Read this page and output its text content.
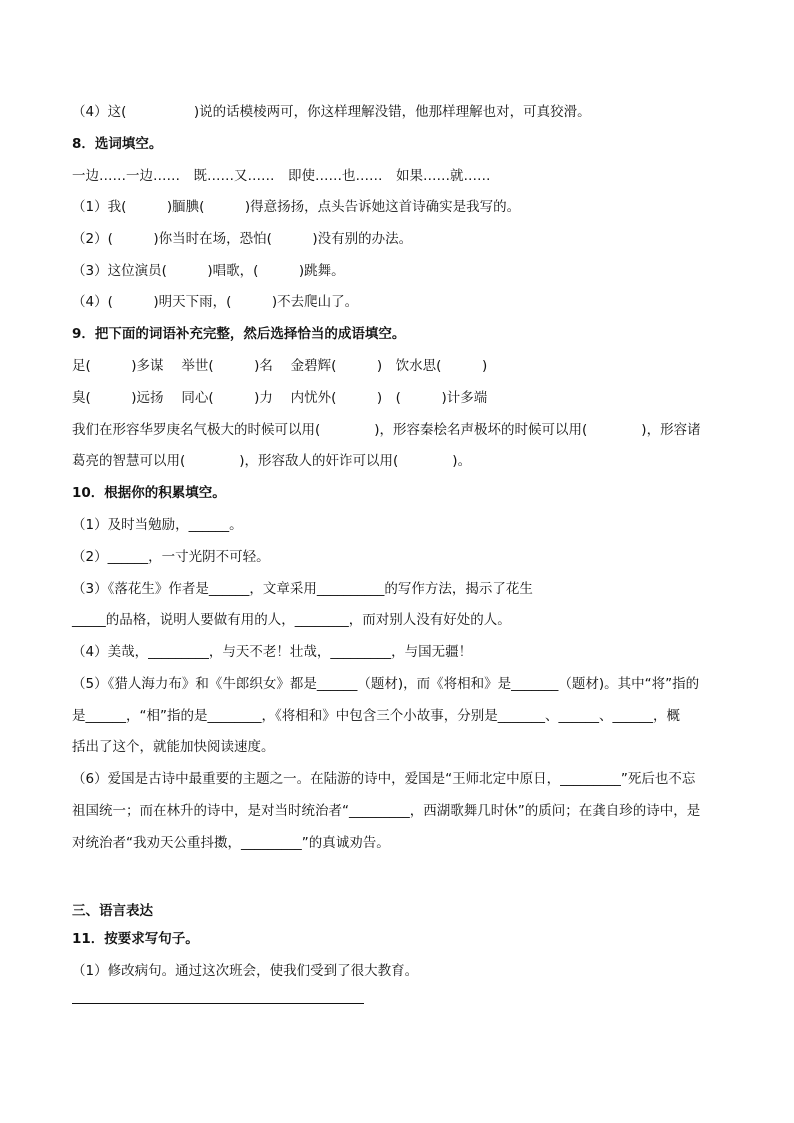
（4）这(　　　　　)说的话模棱两可，你这样理解没错，他那样理解也对，可真狡滑。
8．选词填空。
一边……一边……　既……又……　即使……也……　如果……就……
（1）我(　　　)腼腆(　　　)得意扬扬，点头告诉她这首诗确实是我写的。
（2）(　　　)你当时在场，恐怕(　　　)没有别的办法。
（3）这位演员(　　　)唱歌，(　　　)跳舞。
（4）(　　　)明天下雨，(　　　)不去爬山了。
9．把下面的词语补充完整，然后选择恰当的成语填空。
足(　　　)多谋　 举世(　　　)名　 金碧辉(　　　)　饮水思(　　　)
臭(　　　)远扬　 同心(　　　)力　 内忧外(　　　)　(　　　)计多端
我们在形容华罗庚名气极大的时候可以用(　　　　)，形容秦桧名声极坏的时候可以用(　　　　)，形容诸
葛亮的智慧可以用(　　　　)，形容敌人的奸诈可以用(　　　　)。
10．根据你的积累填空。
（1）及时当勉励，______。
（2）______，一寸光阴不可轻。
（3）《落花生》作者是______，文章采用__________的写作方法，揭示了花生
_____的品格，说明人要做有用的人，________，而对别人没有好处的人。
（4）美哉，_________，与天不老！壮哉，_________，与国无疆！
（5）《猎人海力布》和《牛郎织女》都是______（题材)，而《将相和》是_______（题材)。其中“将”指的
是______，“相”指的是________，《将相和》中包含三个小故事，分别是_______、______、______，概
括出了这个，就能加快阅读速度。
（6）爱国是古诗中最重要的主题之一。在陆游的诗中，爱国是“王师北定中原日，_________”死后也不忘
祖国统一；而在林升的诗中，是对当时统治者“_________，西湖歌舞几时休”的质问；在龚自珍的诗中，是
对统治者“我劝天公重抖擞，_________”的真诚劝告。
三、语言表达
11．按要求写句子。
（1）修改病句。通过这次班会，使我们受到了很大教育。
